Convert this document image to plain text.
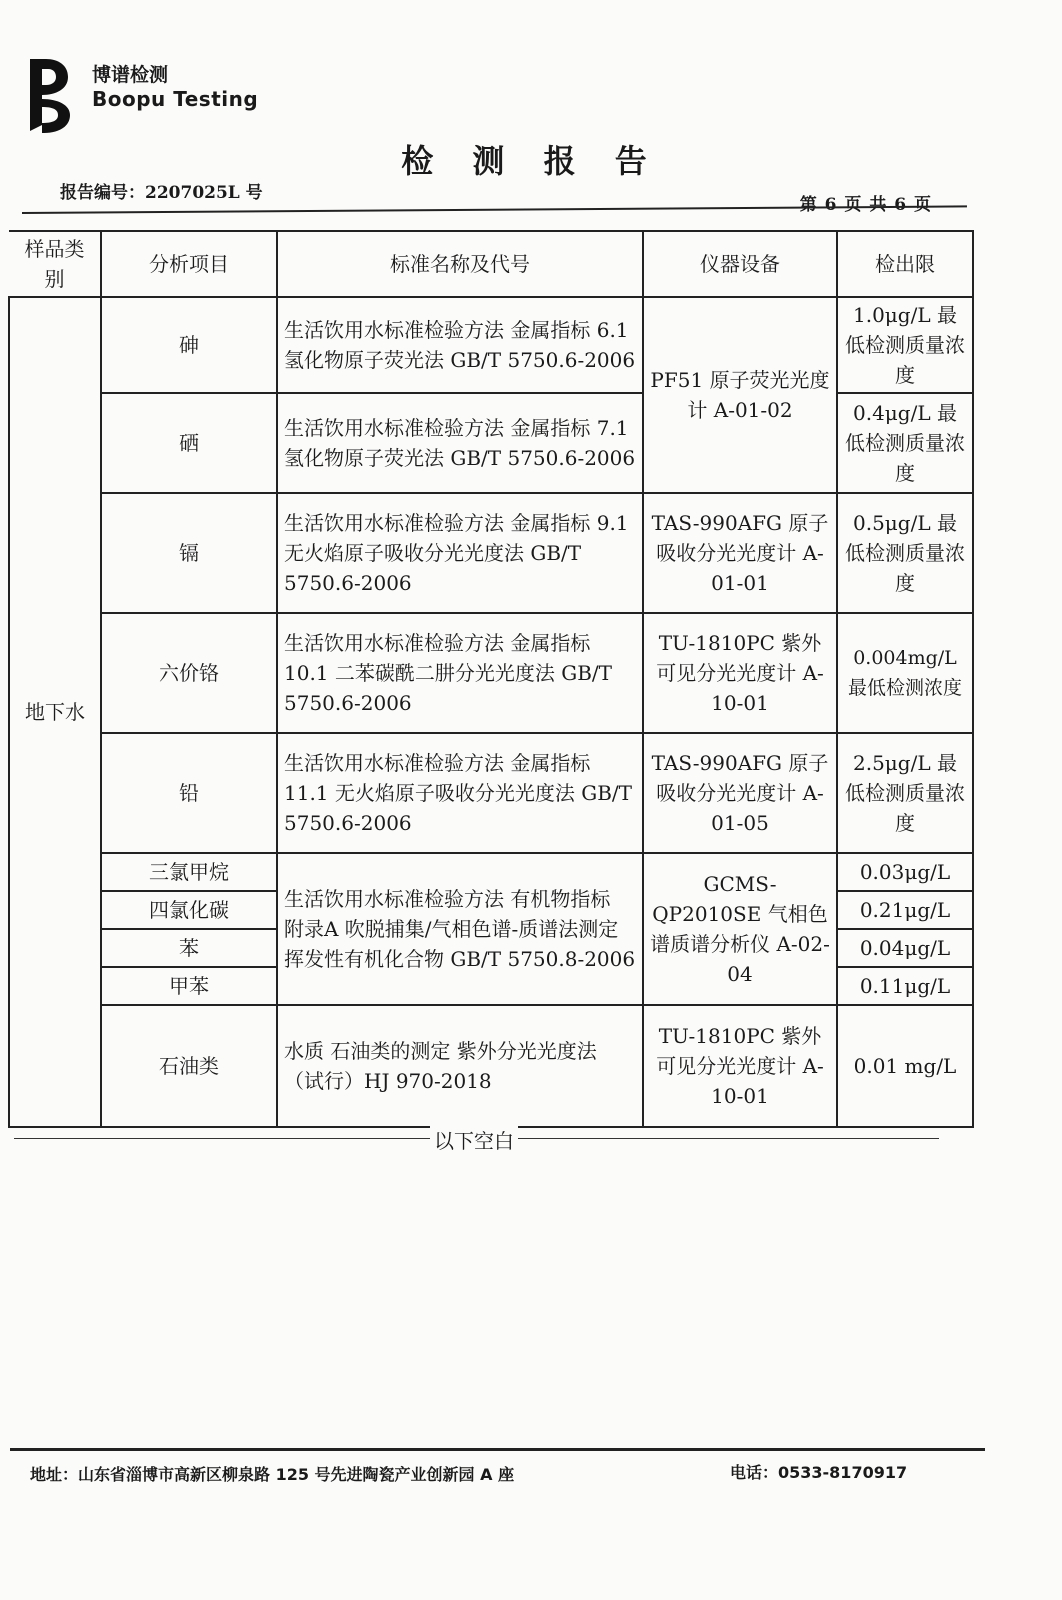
博谱检测
Boopu Testing
检 测 报 告
报告编号：2207025L 号
第 6 页 共 6 页
样品类别	分析项目	标准名称及代号	仪器设备	检出限
地下水	砷	生活饮用水标准检验方法 金属指标 6.1 氢化物原子荧光法 GB/T 5750.6-2006	PF51 原子荧光光度计 A-01-02	1.0μg/L 最低检测质量浓度
	硒	生活饮用水标准检验方法 金属指标 7.1 氢化物原子荧光法 GB/T 5750.6-2006		0.4μg/L 最低检测质量浓度
	镉	生活饮用水标准检验方法 金属指标 9.1 无火焰原子吸收分光光度法 GB/T 5750.6-2006	TAS-990AFG 原子吸收分光光度计 A-01-01	0.5μg/L 最低检测质量浓度
	六价铬	生活饮用水标准检验方法 金属指标 10.1 二苯碳酰二肼分光光度法 GB/T 5750.6-2006	TU-1810PC 紫外可见分光光度计 A-10-01	0.004mg/L 最低检测浓度
	铅	生活饮用水标准检验方法 金属指标 11.1 无火焰原子吸收分光光度法 GB/T 5750.6-2006	TAS-990AFG 原子吸收分光光度计 A-01-05	2.5μg/L 最低检测质量浓度
	三氯甲烷	生活饮用水标准检验方法 有机物指标 附录A 吹脱捕集/气相色谱-质谱法测定挥发性有机化合物 GB/T 5750.8-2006	GCMS-QP2010SE 气相色谱质谱分析仪 A-02-04	0.03μg/L
	四氯化碳			0.21μg/L
	苯			0.04μg/L
	甲苯			0.11μg/L
	石油类	水质 石油类的测定 紫外分光光度法（试行）HJ 970-2018	TU-1810PC 紫外可见分光光度计 A-10-01	0.01 mg/L
以下空白
地址：山东省淄博市高新区柳泉路 125 号先进陶瓷产业创新园 A 座	电话：0533-8170917
